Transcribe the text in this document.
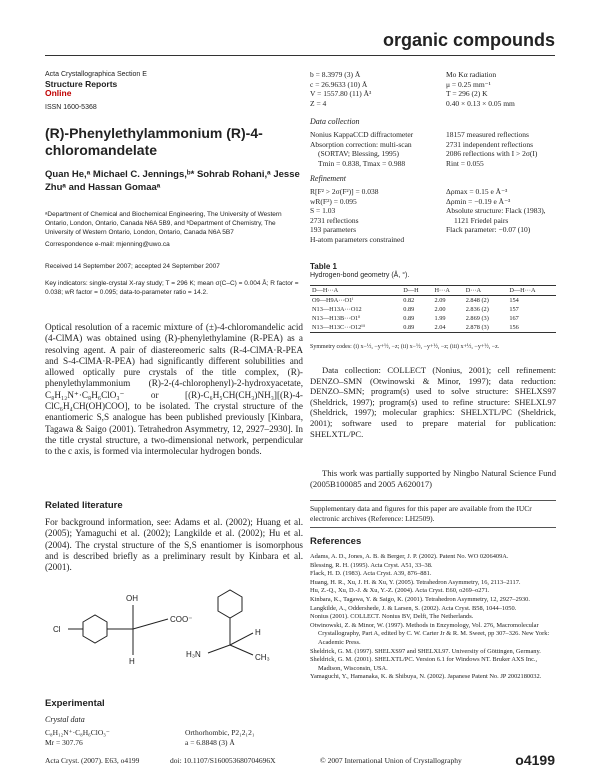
organic compounds
Acta Crystallographica Section E
Structure Reports
Online
ISSN 1600-5368
(R)-Phenylethylammonium (R)-4-chloromandelate
Quan He,ᵃ Michael C. Jennings,ᵇ* Sohrab Rohani,ᵃ Jesse Zhuᵃ and Hassan Gomaaᵃ
ᵃDepartment of Chemical and Biochemical Engineering, The University of Western Ontario, London, Ontario, Canada N6A 5B9, and ᵇDepartment of Chemistry, The University of Western Ontario, London, Ontario, Canada N6A 5B7
Correspondence e-mail: mjenning@uwo.ca
Received 14 September 2007; accepted 24 September 2007
Key indicators: single-crystal X-ray study; T = 296 K; mean σ(C–C) = 0.004 Å; R factor = 0.038; wR factor = 0.095; data-to-parameter ratio = 14.2.
Optical resolution of a racemic mixture of (±)-4-chloromandelic acid (4-ClMA) was obtained using (R)-phenylethylamine (R-PEA) as a resolving agent. A pair of diastereomeric salts (R-4-ClMA·R-PEA and S-4-ClMA·R-PEA) had significantly different solubilities and allowed optically pure crystals of the title complex, (R)-phenylethylammonium (R)-2-(4-chlorophenyl)-2-hydroxyacetate, C₈H₁₂N⁺·C₈H₆ClO₃⁻ or [(R)-C₆H₅CH(CH₃)NH₃][(R)-4-ClC₆H₄CH(OH)COO], to be isolated. The crystal structure of the enantiomeric S,S analogue has been published previously [Kinbara, Tagawa & Saigo (2001). Tetrahedron Asymmetry, 12, 2927–2930]. In the title crystal structure, a two-dimensional network, perpendicular to the c axis, is formed via intermolecular hydrogen bonds.
Related literature
For background information, see: Adams et al. (2002); Huang et al. (2005); Yamaguchi et al. (2002); Langkilde et al. (2002); Hu et al. (2004). The crystal structure of the S,S enantiomer is isomorphous and is described briefly as a preliminary result by Kinbara et al. (2001).
Cl
COO⁻
OH
H
H₃N
H
CH₃
Experimental
Crystal data
C₈H₁₂N⁺·C₈H₆ClO₃⁻
Mr = 307.76
Orthorhombic, P2₁2₁2₁
a = 6.8848 (3) Å
b = 8.3979 (3) Å
c = 26.9633 (10) Å
V = 1557.80 (11) Å³
Z = 4
Mo Kα radiation
μ = 0.25 mm⁻¹
T = 296 (2) K
0.40 × 0.13 × 0.05 mm
Data collection
Nonius KappaCCD diffractometer
Absorption correction: multi-scan
(SORTAV; Blessing, 1995)
Tmin = 0.838, Tmax = 0.988
18157 measured reflections
2731 independent reflections
2086 reflections with I > 2σ(I)
Rint = 0.055
Refinement
R[F² > 2σ(F²)] = 0.038
wR(F²) = 0.095
S = 1.03
2731 reflections
193 parameters
H-atom parameters constrained
Δρmax = 0.15 e Å⁻³
Δρmin = −0.19 e Å⁻³
Absolute structure: Flack (1983),
1121 Friedel pairs
Flack parameter: −0.07 (10)
Table 1
Hydrogen-bond geometry (Å, °).
D—H···A	D—H	H···A	D···A	D—H···A
O9—H9A···O1ⁱ	0.82	2.09	2.848 (2)	154
N13—H13A···O12	0.89	2.00	2.836 (2)	157
N13—H13B···O1ⁱⁱ	0.89	1.99	2.869 (3)	167
N13—H13C···O12ⁱⁱⁱ	0.89	2.04	2.878 (3)	156
Symmetry codes: (i) x−½, −y+½, −z; (ii) x−½, −y+½, −z; (iii) x+½, −y+½, −z.
Data collection: COLLECT (Nonius, 2001); cell refinement: DENZO–SMN (Otwinowski & Minor, 1997); data reduction: DENZO–SMN; program(s) used to solve structure: SHELXS97 (Sheldrick, 1997); program(s) used to refine structure: SHELXL97 (Sheldrick, 1997); molecular graphics: SHELXTL/PC (Sheldrick, 2001); software used to prepare material for publication: SHELXTL/PC.
This work was partially supported by Ningbo Natural Science Fund (2005B100085 and 2005 A620017)
Supplementary data and figures for this paper are available from the IUCr electronic archives (Reference: LH2509).
References

Adams, A. D., Jones, A. B. & Berger, J. P. (2002). Patent No. WO 0206409A.

Blessing, R. H. (1995). Acta Cryst. A51, 33–38.

Flack, H. D. (1983). Acta Cryst. A39, 876–881.

Huang, H. R., Xu, J. H. & Xu, Y. (2005). Tetrahedron Asymmetry, 16, 2113–2117.

Hu, Z.-Q., Xu, D.-J. & Xu, Y.-Z. (2004). Acta Cryst. E60, o269–o271.

Kinbara, K., Tagawa, Y. & Saigo, K. (2001). Tetrahedron Asymmetry, 12, 2927–2930.

Langkilde, A., Oddershede, J. & Larsen, S. (2002). Acta Cryst. B58, 1044–1050.

Nonius (2001). COLLECT. Nonius BV, Delft, The Netherlands.

Otwinowski, Z. & Minor, W. (1997). Methods in Enzymology, Vol. 276, Macromolecular Crystallography, Part A, edited by C. W. Carter Jr & R. M. Sweet, pp 307–326. New York: Academic Press.

Sheldrick, G. M. (1997). SHELXS97 and SHELXL97. University of Göttingen, Germany.

Sheldrick, G. M. (2001). SHELXTL/PC. Version 6.1 for Windows NT. Bruker AXS Inc., Madison, Wisconsin, USA.

Yamaguchi, Y., Hamanaka, K. & Shibuya, N. (2002). Japanese Patent No. JP 2002180032.

Acta Cryst. (2007). E63, o4199	doi: 10.1107/S160053680704696X	© 2007 International Union of Crystallography	o4199
